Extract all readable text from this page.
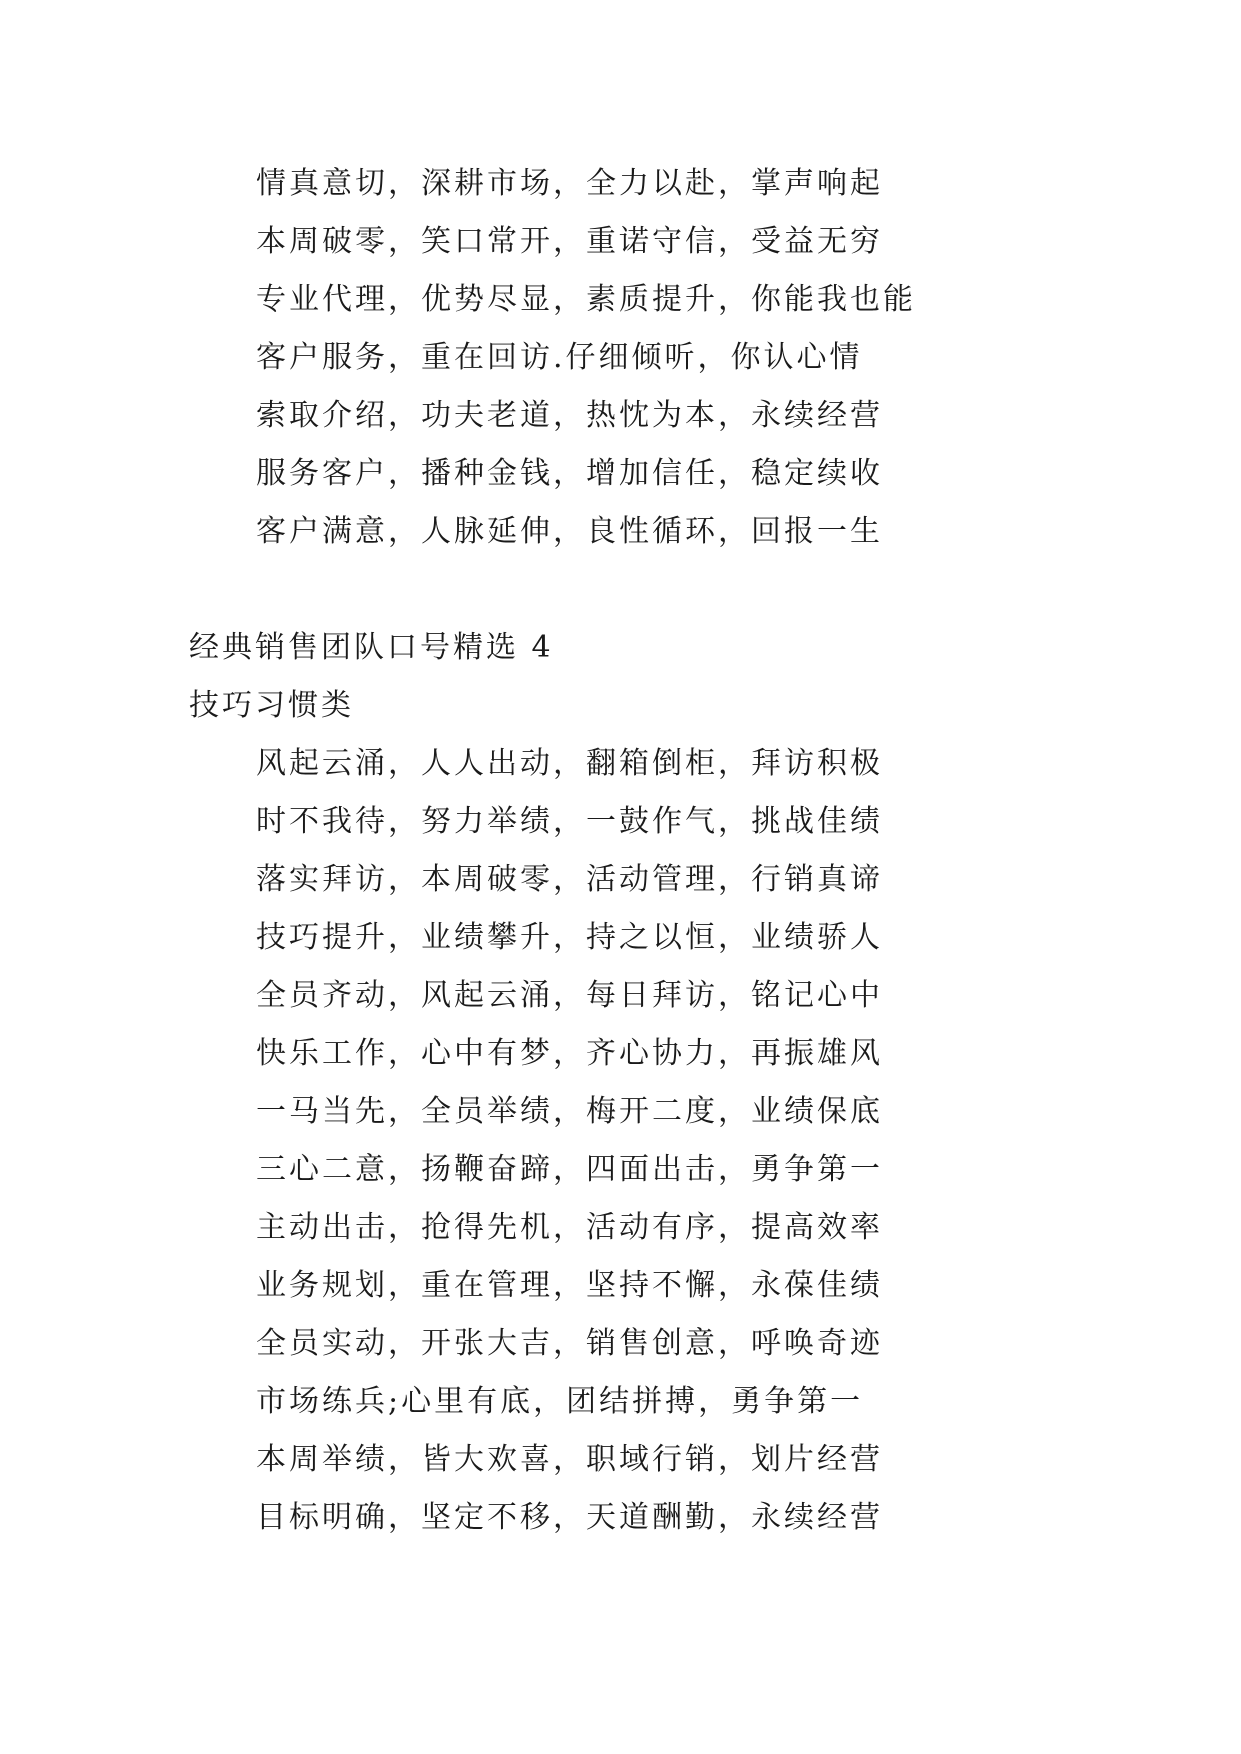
情真意切，深耕市场，全力以赴，掌声响起
本周破零，笑口常开，重诺守信，受益无穷
专业代理，优势尽显，素质提升，你能我也能
客户服务，重在回访.仔细倾听，你认心情
索取介绍，功夫老道，热忱为本，永续经营
服务客户，播种金钱，增加信任，稳定续收
客户满意，人脉延伸，良性循环，回报一生
经典销售团队口号精选 4
技巧习惯类
风起云涌，人人出动，翻箱倒柜，拜访积极
时不我待，努力举绩，一鼓作气，挑战佳绩
落实拜访，本周破零，活动管理，行销真谛
技巧提升，业绩攀升，持之以恒，业绩骄人
全员齐动，风起云涌，每日拜访，铭记心中
快乐工作，心中有梦，齐心协力，再振雄风
一马当先，全员举绩，梅开二度，业绩保底
三心二意，扬鞭奋蹄，四面出击，勇争第一
主动出击，抢得先机，活动有序，提高效率
业务规划，重在管理，坚持不懈，永葆佳绩
全员实动，开张大吉，销售创意，呼唤奇迹
市场练兵;心里有底，团结拼搏，勇争第一
本周举绩，皆大欢喜，职域行销，划片经营
目标明确，坚定不移，天道酬勤，永续经营
